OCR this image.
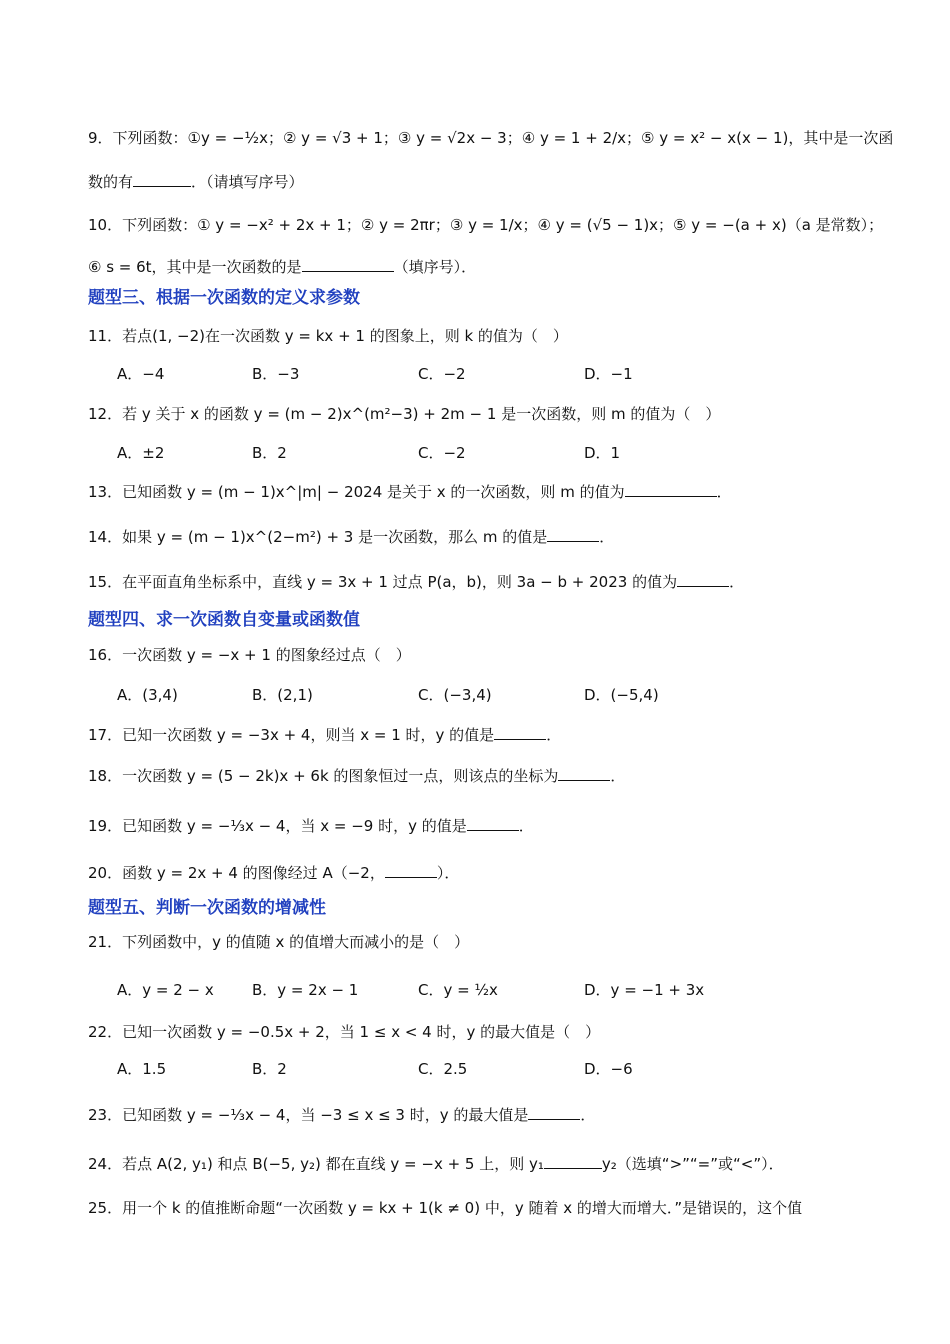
9．下列函数：①y = −½x；② y = √3 + 1；③ y = √2x − 3；④ y = 1 + 2/x；⑤ y = x² − x(x − 1)，其中是一次函
数的有	．（请填写序号）
10．下列函数：① y = −x² + 2x + 1；② y = 2πr；③ y = 1/x；④ y = (√5 − 1)x；⑤ y = −(a + x)（a 是常数）；
⑥ s = 6t，其中是一次函数的是	（填序号）．
题型三、根据一次函数的定义求参数
11．若点(1, −2)在一次函数 y = kx + 1 的图象上，则 k 的值为（　）
A．−4	B．−3	C．−2	D．−1
12．若 y 关于 x 的函数 y = (m − 2)x^(m²−3) + 2m − 1 是一次函数，则 m 的值为（　）
A．±2	B．2	C．−2	D．1
13．已知函数 y = (m − 1)x^|m| − 2024 是关于 x 的一次函数，则 m 的值为	．
14．如果 y = (m − 1)x^(2−m²) + 3 是一次函数，那么 m 的值是	．
15．在平面直角坐标系中，直线 y = 3x + 1 过点 P(a，b)，则 3a − b + 2023 的值为	．
题型四、求一次函数自变量或函数值
16．一次函数 y = −x + 1 的图象经过点（　）
A．(3,4)	B．(2,1)	C．(−3,4)	D．(−5,4)
17．已知一次函数 y = −3x + 4，则当 x = 1 时，y 的值是	．
18．一次函数 y = (5 − 2k)x + 6k 的图象恒过一点，则该点的坐标为	．
19．已知函数 y = −⅓x − 4，当 x = −9 时，y 的值是	．
20．函数 y = 2x + 4 的图像经过 A（−2，	）．
题型五、判断一次函数的增减性
21．下列函数中，y 的值随 x 的值增大而减小的是（　）
A．y = 2 − x	B．y = 2x − 1	C．y = ½x	D．y = −1 + 3x
22．已知一次函数 y = −0.5x + 2，当 1 ≤ x < 4 时，y 的最大值是（　）
A．1.5	B．2	C．2.5	D．−6
23．已知函数 y = −⅓x − 4，当 −3 ≤ x ≤ 3 时，y 的最大值是	．
24．若点 A(2, y₁) 和点 B(−5, y₂) 都在直线 y = −x + 5 上，则 y₁	y₂（选填“>”“=”或“<”）．
25．用一个 k 的值推断命题“一次函数 y = kx + 1(k ≠ 0) 中，y 随着 x 的增大而增大．”是错误的，这个值
